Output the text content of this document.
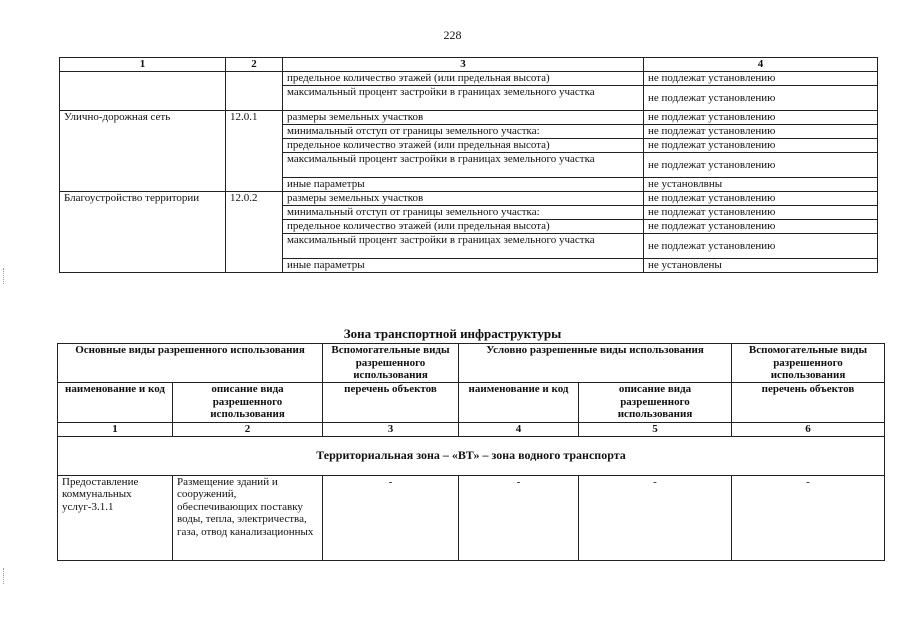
228
1	2	3	4
		предельное количество этажей (или предельная высота)	не подлежат установлению
		максимальный процент застройки в границах земельного участка	не подлежат установлению
Улично-дорожная сеть	12.0.1	размеры земельных участков	не подлежат установлению
		минимальный отступ от границы земельного участка:	не подлежат установлению
		предельное количество этажей (или предельная высота)	не подлежат установлению
		максимальный процент застройки в границах земельного участка	не подлежат установлению
		иные параметры	не установлвны
Благоустройство территории	12.0.2	размеры земельных участков	не подлежат установлению
		минимальный отступ от границы земельного участка:	не подлежат установлению
		предельное количество этажей (или предельная высота)	не подлежат установлению
		максимальный процент застройки в границах земельного участка	не подлежат установлению
		иные параметры	не установлены
Зона транспортной инфраструктуры
Основные виды разрешенного использования		Вспомогательные виды разрешенного использования	Условно разрешенные виды использования		Вспомогательные виды разрешенного использования
наименование и код	описание вида разрешенного использования	перечень объектов	наименование и код	описание вида разрешенного использования	перечень объектов
1	2	3	4	5	6
Территориальная зона – «ВТ» – зона водного транспорта					
Предоставление коммунальных услуг-3.1.1	Размещение зданий и сооружений, обеспечивающих поставку воды, тепла, электричества, газа, отвод канализационных	-	-	-	-
